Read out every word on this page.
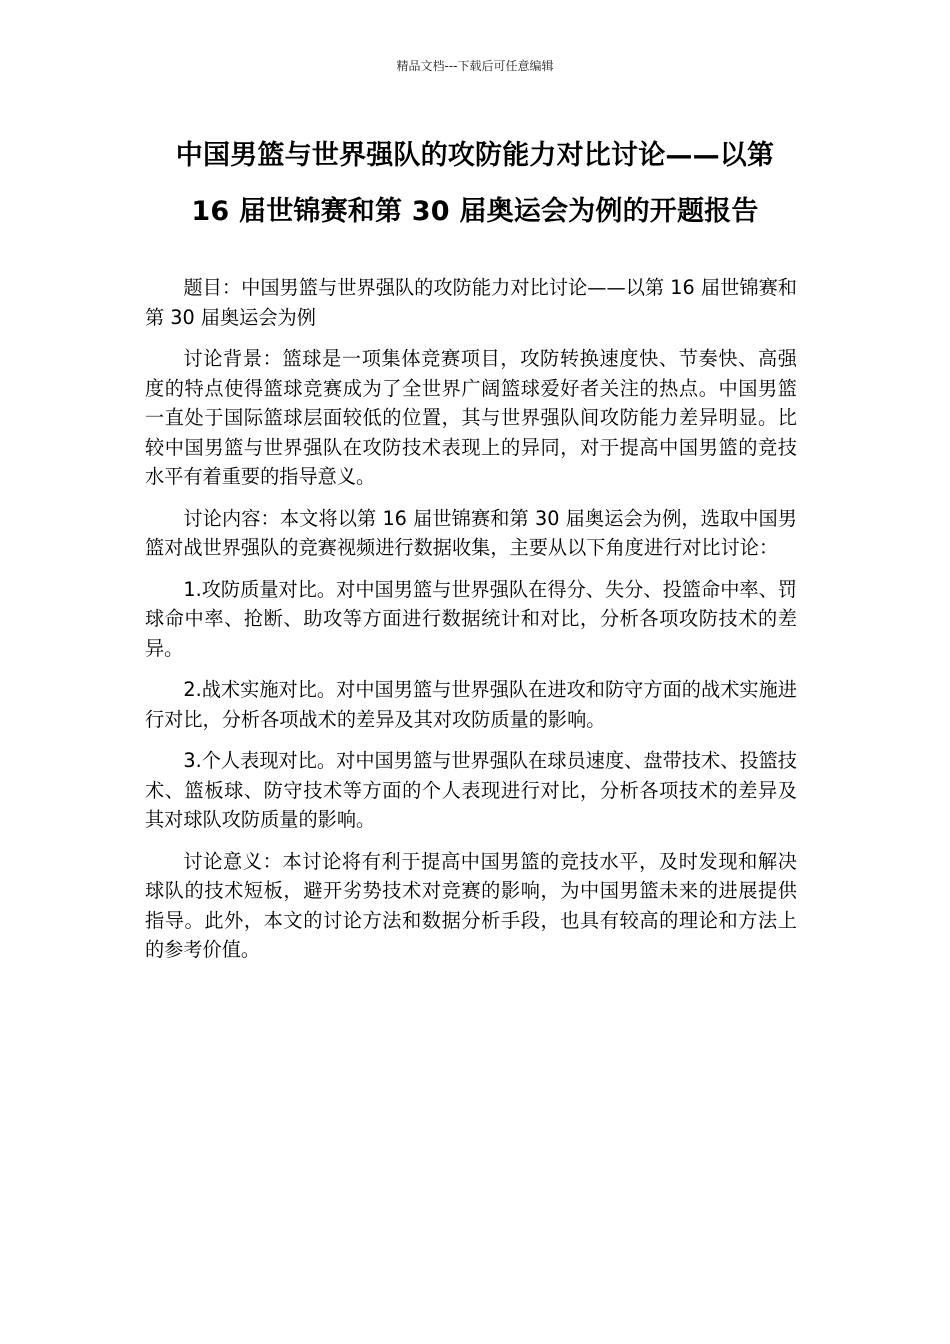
精品文档---下载后可任意编辑
中国男篮与世界强队的攻防能力对比讨论——以第
16 届世锦赛和第 30 届奥运会为例的开题报告

题目：中国男篮与世界强队的攻防能力对比讨论——以第 16 届世锦赛和第 30 届奥运会为例

讨论背景：篮球是一项集体竞赛项目，攻防转换速度快、节奏快、高强度的特点使得篮球竞赛成为了全世界广阔篮球爱好者关注的热点。中国男篮一直处于国际篮球层面较低的位置，其与世界强队间攻防能力差异明显。比较中国男篮与世界强队在攻防技术表现上的异同，对于提高中国男篮的竞技水平有着重要的指导意义。

讨论内容：本文将以第 16 届世锦赛和第 30 届奥运会为例，选取中国男篮对战世界强队的竞赛视频进行数据收集，主要从以下角度进行对比讨论：

1.攻防质量对比。对中国男篮与世界强队在得分、失分、投篮命中率、罚球命中率、抢断、助攻等方面进行数据统计和对比，分析各项攻防技术的差异。

2.战术实施对比。对中国男篮与世界强队在进攻和防守方面的战术实施进行对比，分析各项战术的差异及其对攻防质量的影响。

3.个人表现对比。对中国男篮与世界强队在球员速度、盘带技术、投篮技术、篮板球、防守技术等方面的个人表现进行对比，分析各项技术的差异及其对球队攻防质量的影响。

讨论意义：本讨论将有利于提高中国男篮的竞技水平，及时发现和解决球队的技术短板，避开劣势技术对竞赛的影响，为中国男篮未来的进展提供指导。此外，本文的讨论方法和数据分析手段，也具有较高的理论和方法上的参考价值。
